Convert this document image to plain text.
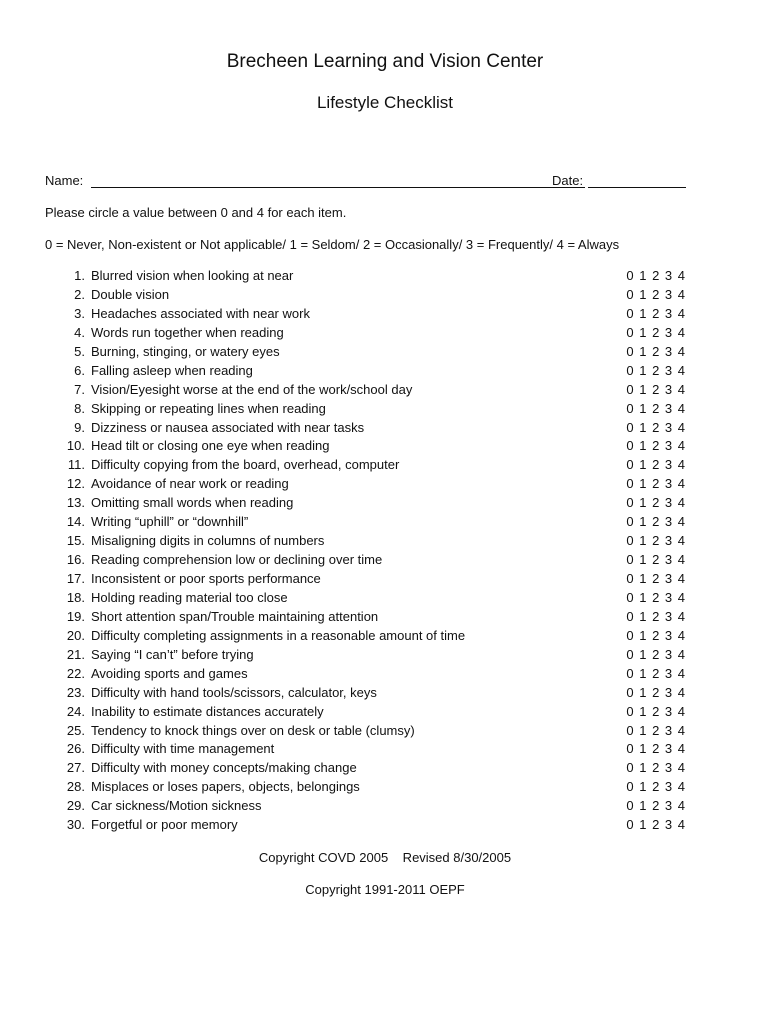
Brecheen Learning and Vision Center
Lifestyle Checklist
Name:	Date:
Please circle a value between 0 and 4 for each item.
0 = Never, Non-existent or Not applicable/ 1 = Seldom/ 2 = Occasionally/ 3 = Frequently/ 4 = Always
1. Blurred vision when looking at near	0 1 2 3 4
2. Double vision	0 1 2 3 4
3. Headaches associated with near work	0 1 2 3 4
4. Words run together when reading	0 1 2 3 4
5. Burning, stinging, or watery eyes	0 1 2 3 4
6. Falling asleep when reading	0 1 2 3 4
7. Vision/Eyesight worse at the end of the work/school day	0 1 2 3 4
8. Skipping or repeating lines when reading	0 1 2 3 4
9. Dizziness or nausea associated with near tasks	0 1 2 3 4
10. Head tilt or closing one eye when reading	0 1 2 3 4
11. Difficulty copying from the board, overhead, computer	0 1 2 3 4
12. Avoidance of near work or reading	0 1 2 3 4
13. Omitting small words when reading	0 1 2 3 4
14. Writing “uphill” or “downhill”	0 1 2 3 4
15. Misaligning digits in columns of numbers	0 1 2 3 4
16. Reading comprehension low or declining over time	0 1 2 3 4
17. Inconsistent or poor sports performance	0 1 2 3 4
18. Holding reading material too close	0 1 2 3 4
19. Short attention span/Trouble maintaining attention	0 1 2 3 4
20. Difficulty completing assignments in a reasonable amount of time	0 1 2 3 4
21. Saying “I can’t” before trying	0 1 2 3 4
22. Avoiding sports and games	0 1 2 3 4
23. Difficulty with hand tools/scissors, calculator, keys	0 1 2 3 4
24. Inability to estimate distances accurately	0 1 2 3 4
25. Tendency to knock things over on desk or table (clumsy)	0 1 2 3 4
26. Difficulty with time management	0 1 2 3 4
27. Difficulty with money concepts/making change	0 1 2 3 4
28. Misplaces or loses papers, objects, belongings	0 1 2 3 4
29. Car sickness/Motion sickness	0 1 2 3 4
30. Forgetful or poor memory	0 1 2 3 4
Copyright COVD 2005    Revised 8/30/2005
Copyright 1991-2011 OEPF
